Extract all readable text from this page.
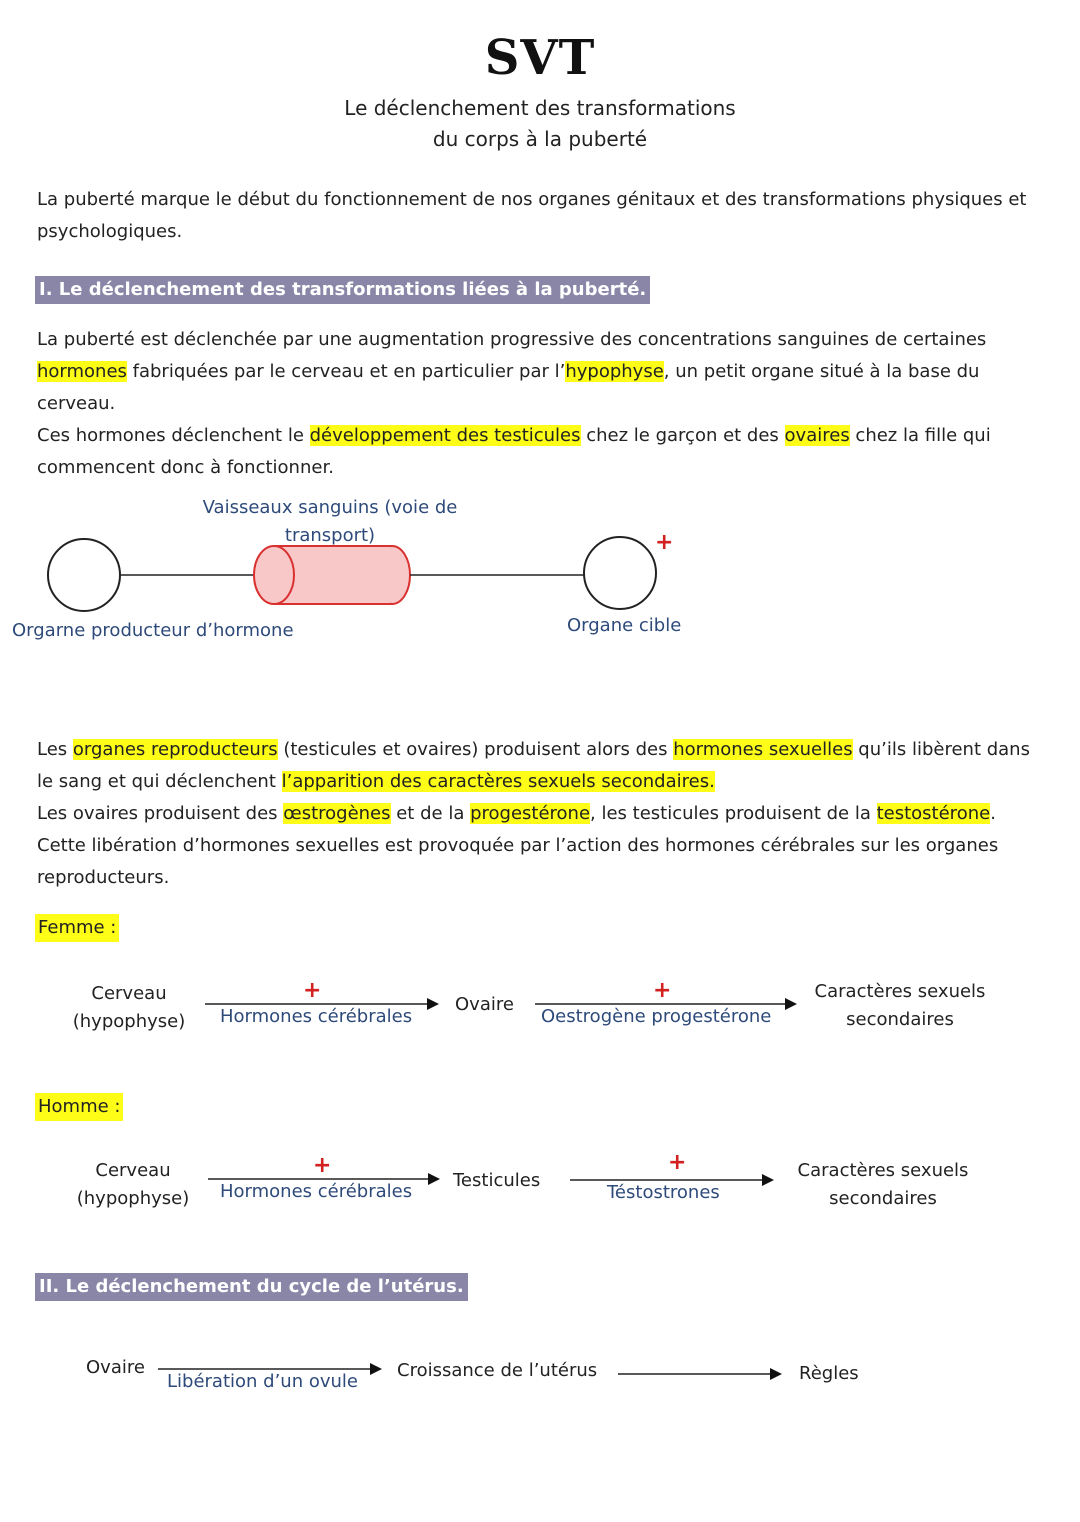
SVT
Le déclenchement des transformations
du corps à la puberté
La puberté marque le début du fonctionnement de nos organes génitaux et des transformations physiques et psychologiques.
I. Le déclenchement des transformations liées à la puberté.
La puberté est déclenchée par une augmentation progressive des concentrations sanguines de certaines hormones fabriquées par le cerveau et en particulier par l’hypophyse, un petit organe situé à la base du cerveau.
Ces hormones déclenchent le développement des testicules chez le garçon et des ovaires chez la fille qui commencent donc à fonctionner.
Vaisseaux sanguins (voie de transport)	+
Orgarne producteur d’hormone	Organe cible
Les organes reproducteurs (testicules et ovaires) produisent alors des hormones sexuelles qu’ils libèrent dans le sang et qui déclenchent l’apparition des caractères sexuels secondaires.
Les ovaires produisent des œstrogènes et de la progestérone, les testicules produisent de la testostérone.
Cette libération d’hormones sexuelles est provoquée par l’action des hormones cérébrales sur les organes reproducteurs.
Femme :
Cerveau
(hypophyse)
+
Hormones cérébrales
Ovaire
+
Oestrogène progestérone
Caractères sexuels
secondaires
Homme :
Cerveau
(hypophyse)
+
Hormones cérébrales
Testicules
+
Téstostrones
Caractères sexuels
secondaires
II. Le déclenchement du cycle de l’utérus.
Ovaire
Libération d’un ovule
Croissance de l’utérus	Règles
